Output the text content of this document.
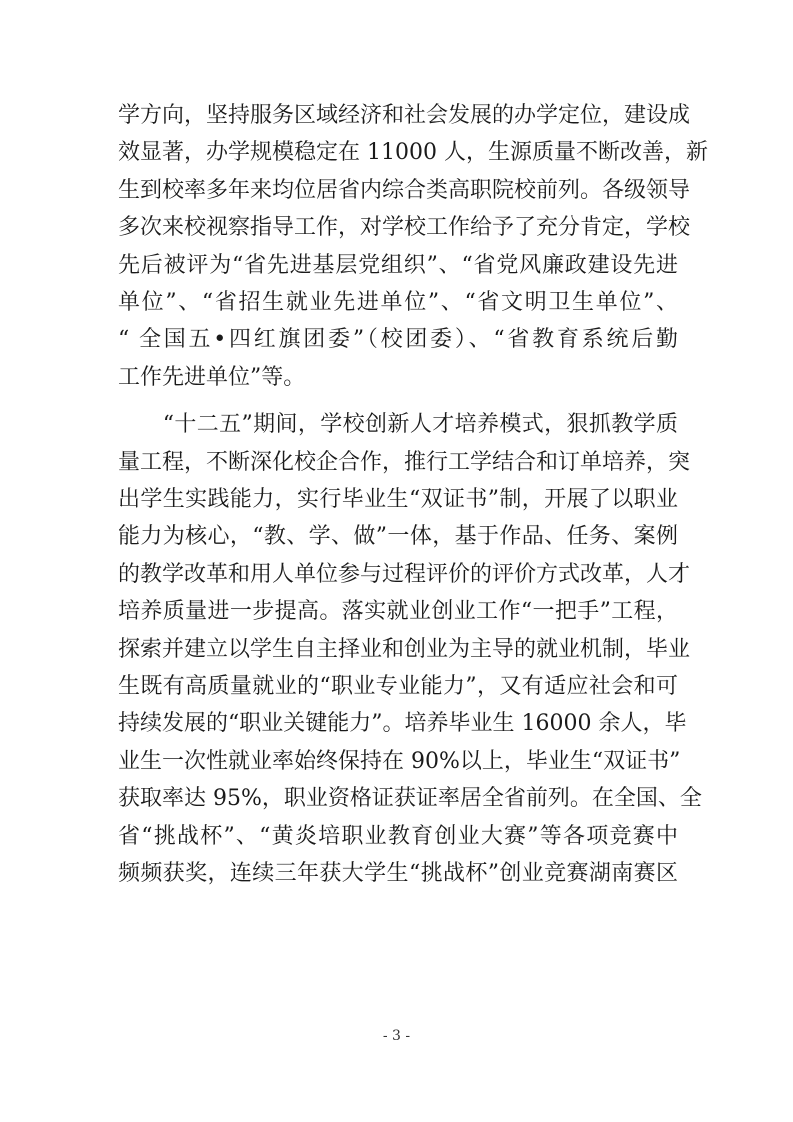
学方向，坚持服务区域经济和社会发展的办学定位，建设成
效显著，办学规模稳定在 11000 人，生源质量不断改善，新
生到校率多年来均位居省内综合类高职院校前列。各级领导
多次来校视察指导工作，对学校工作给予了充分肯定，学校
先后被评为“省先进基层党组织”、“省党风廉政建设先进
单位”、“省招生就业先进单位”、“省文明卫生单位”、
“ 全国五•四红旗团委”（校团委）、“省教育系统后勤
工作先进单位”等。
　　“十二五”期间，学校创新人才培养模式，狠抓教学质
量工程，不断深化校企合作，推行工学结合和订单培养，突
出学生实践能力，实行毕业生“双证书”制，开展了以职业
能力为核心，“教、学、做”一体，基于作品、任务、案例
的教学改革和用人单位参与过程评价的评价方式改革，人才
培养质量进一步提高。落实就业创业工作“一把手”工程，
探索并建立以学生自主择业和创业为主导的就业机制，毕业
生既有高质量就业的“职业专业能力”，又有适应社会和可
持续发展的“职业关键能力”。培养毕业生 16000 余人，毕
业生一次性就业率始终保持在 90%以上，毕业生“双证书”
获取率达 95%，职业资格证获证率居全省前列。在全国、全
省“挑战杯”、“黄炎培职业教育创业大赛”等各项竞赛中
频频获奖，连续三年获大学生“挑战杯”创业竞赛湖南赛区
- 3 -
